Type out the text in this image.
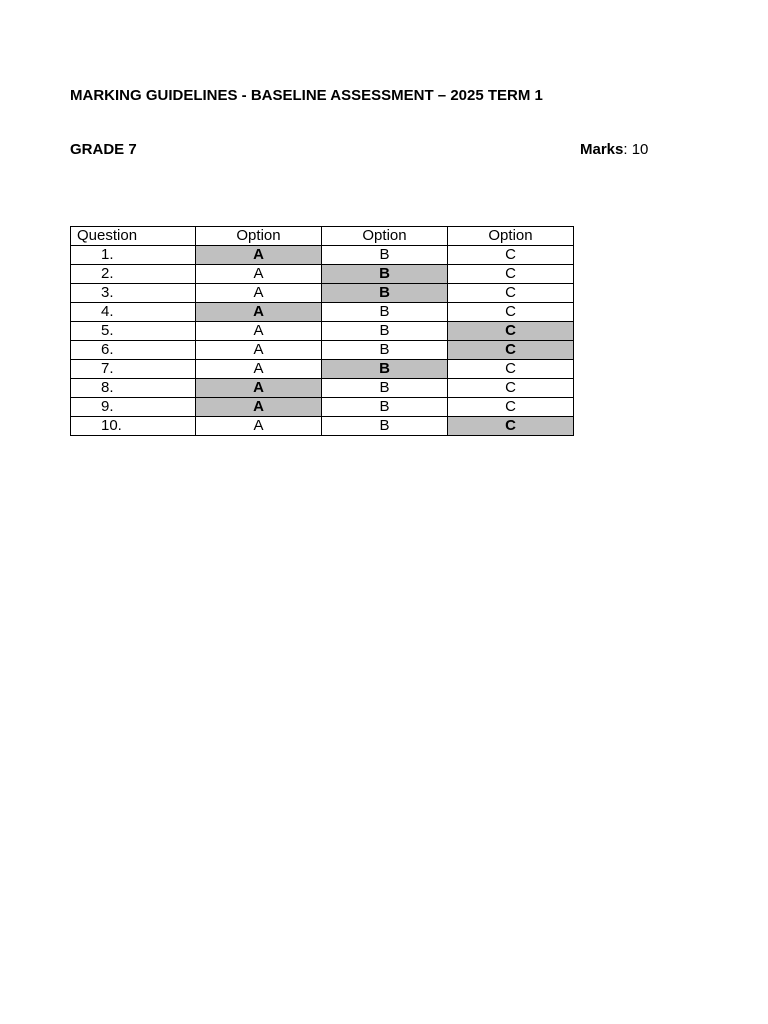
MARKING GUIDELINES - BASELINE ASSESSMENT – 2025 TERM 1
GRADE 7	Marks: 10
Question	Option	Option	Option
1.	A	B	C
2.	A	B	C
3.	A	B	C
4.	A	B	C
5.	A	B	C
6.	A	B	C
7.	A	B	C
8.	A	B	C
9.	A	B	C
10.	A	B	C
